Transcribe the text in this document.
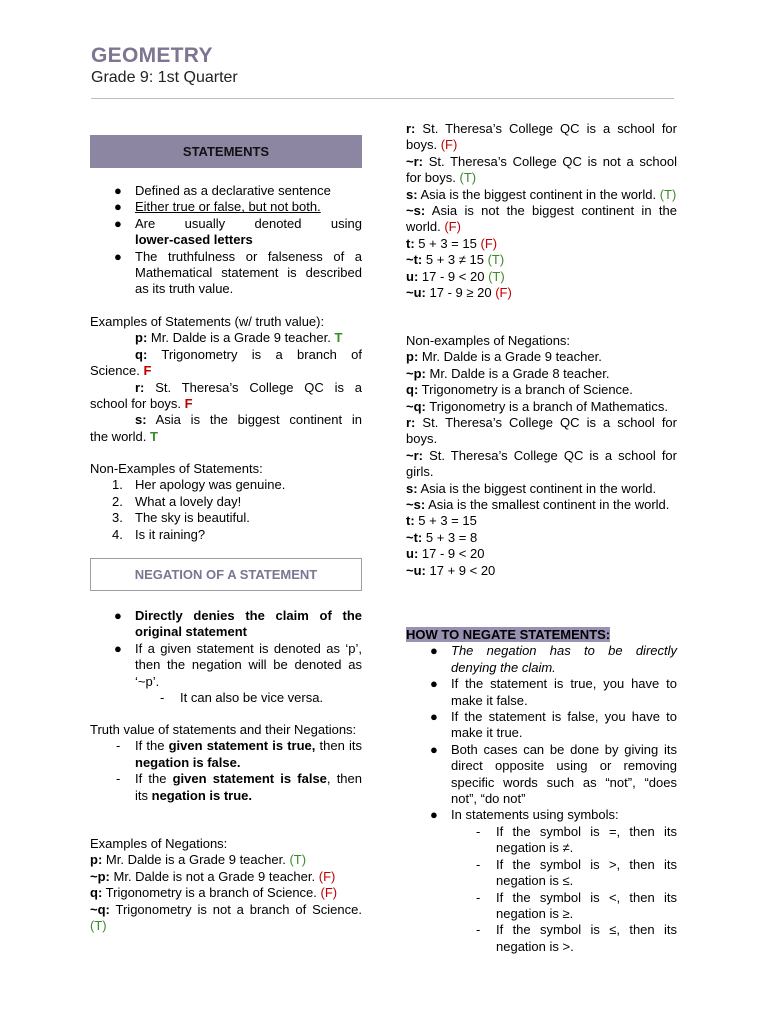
GEOMETRY
Grade 9: 1st Quarter
STATEMENTS
● Defined as a declarative sentence
● Either true or false, but not both.
● Are usually denoted using
lower-cased letters
● The truthfulness or falseness of a Mathematical statement is described as its truth value.
Examples of Statements (w/ truth value):
p: Mr. Dalde is a Grade 9 teacher. T
q: Trigonometry is a branch of
Science. F
r: St. Theresa’s College QC is a
school for boys. F
s: Asia is the biggest continent in
the world. T
Non-Examples of Statements:
1. Her apology was genuine.
2. What a lovely day!
3. The sky is beautiful.
4. Is it raining?
● Directly denies the claim of the original statement
● If a given statement is denoted as ‘p’, then the negation will be denoted as ‘~p’.
- It can also be vice versa.
Truth value of statements and their Negations:
- If the given statement is true, then its negation is false.
- If the given statement is false, then its negation is true.
Examples of Negations:
p: Mr. Dalde is a Grade 9 teacher. (T)
~p: Mr. Dalde is not a Grade 9 teacher. (F)
q: Trigonometry is a branch of Science. (F)
~q: Trigonometry is not a branch of Science. (T)
NEGATION OF A STATEMENT
r: St. Theresa’s College QC is a school for boys. (F)
~r: St. Theresa’s College QC is not a school for boys. (T)
s: Asia is the biggest continent in the world. (T)
~s: Asia is not the biggest continent in the world. (F)
t: 5 + 3 = 15 (F)
~t: 5 + 3 ≠ 15 (T)
u: 17 - 9 < 20 (T)
~u: 17 - 9 ≥ 20 (F)
Non-examples of Negations:
p: Mr. Dalde is a Grade 9 teacher.
~p: Mr. Dalde is a Grade 8 teacher.
q: Trigonometry is a branch of Science.
~q: Trigonometry is a branch of Mathematics.
r: St. Theresa’s College QC is a school for boys.
~r: St. Theresa’s College QC is a school for girls.
s: Asia is the biggest continent in the world.
~s: Asia is the smallest continent in the world.
t: 5 + 3 = 15
~t: 5 + 3 = 8
u: 17 - 9 < 20
~u: 17 + 9 < 20
HOW TO NEGATE STATEMENTS:
● The negation has to be directly denying the claim.
● If the statement is true, you have to make it false.
● If the statement is false, you have to make it true.
● Both cases can be done by giving its direct opposite using or removing specific words such as “not”, “does not”, “do not”
● In statements using symbols:
- If the symbol is =, then its negation is ≠.
- If the symbol is >, then its negation is ≤.
- If the symbol is <, then its negation is ≥.
- If the symbol is ≤, then its negation is >.
